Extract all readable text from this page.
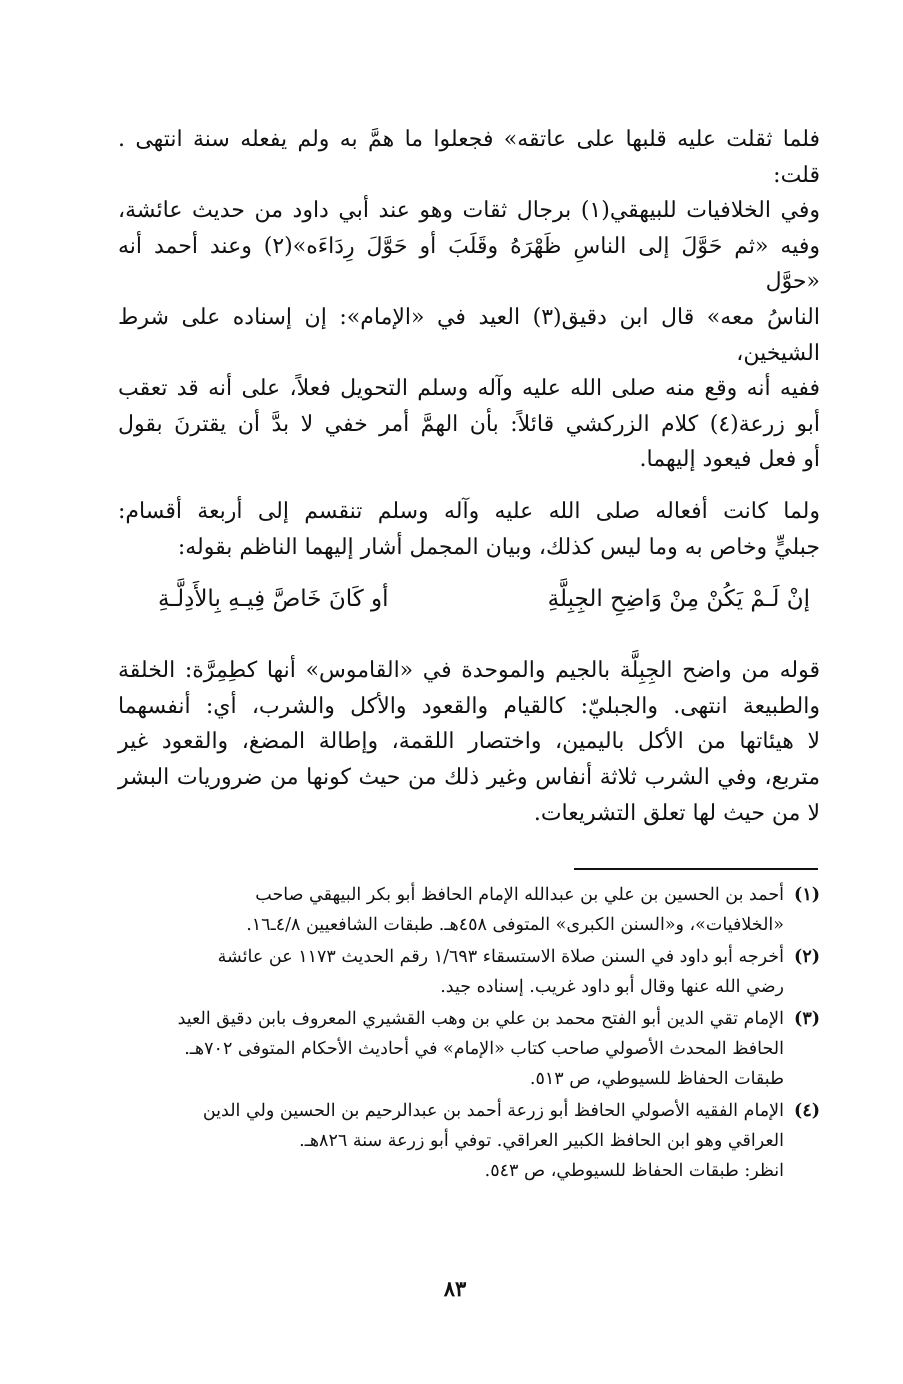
فلما ثقلت عليه قلبها على عاتقه» فجعلوا ما همَّ به ولم يفعله سنة انتهى . قلت:
وفي الخلافيات للبيهقي(١) برجال ثقات وهو عند أبي داود من حديث عائشة،
وفيه «ثم حَوَّلَ إلى الناسِ ظَهْرَهُ وقَلَبَ أو حَوَّلَ رِدَاءَه»(٢) وعند أحمد أنه «حوَّل
الناسُ معه» قال ابن دقيق(٣) العيد في «الإمام»: إن إسناده على شرط الشيخين،
ففيه أنه وقع منه صلى الله عليه وآله وسلم التحويل فعلاً، على أنه قد تعقب
أبو زرعة(٤) كلام الزركشي قائلاً: بأن الهمَّ أمر خفي لا بدَّ أن يقترنَ بقول
أو فعل فيعود إليهما.

ولما كانت أفعاله صلى الله عليه وآله وسلم تنقسم إلى أربعة أقسام:
جبليٍّ وخاص به وما ليس كذلك، وبيان المجمل أشار إليهما الناظم بقوله:

إنْ لَـمْ يَكُنْ مِنْ وَاضِحِ الجِبِلَّةِ
أو كَانَ خَاصَّ فِيـهِ بِالأَدِلَّـةِ

قوله من واضح الجِبِلَّة بالجيم والموحدة في «القاموس» أنها كطِمِرَّة: الخلقة
والطبيعة انتهى. والجبليّ: كالقيام والقعود والأكل والشرب، أي: أنفسهما
لا هيئاتها من الأكل باليمين، واختصار اللقمة، وإطالة المضغ، والقعود غير
متربع، وفي الشرب ثلاثة أنفاس وغير ذلك من حيث كونها من ضروريات البشر
لا من حيث لها تعلق التشريعات.

(١)
أحمد بن الحسين بن علي بن عبدالله الإمام الحافظ أبو بكر البيهقي صاحب
«الخلافيات»، و«السنن الكبرى» المتوفى ٤٥٨هـ. طبقات الشافعيين ٤/٨ـ١٦.
(٢)
أخرجه أبو داود في السنن صلاة الاستسقاء ١/٦٩٣ رقم الحديث ١١٧٣ عن عائشة
رضي الله عنها وقال أبو داود غريب. إسناده جيد.
(٣)
الإمام تقي الدين أبو الفتح محمد بن علي بن وهب القشيري المعروف بابن دقيق العيد
الحافظ المحدث الأصولي صاحب كتاب «الإمام» في أحاديث الأحكام المتوفى ٧٠٢هـ.
طبقات الحفاظ للسيوطي، ص ٥١٣.
(٤)
الإمام الفقيه الأصولي الحافظ أبو زرعة أحمد بن عبدالرحيم بن الحسين ولي الدين
العراقي وهو ابن الحافظ الكبير العراقي. توفي أبو زرعة سنة ٨٢٦هـ.
انظر: طبقات الحفاظ للسيوطي، ص ٥٤٣.
٨٣
